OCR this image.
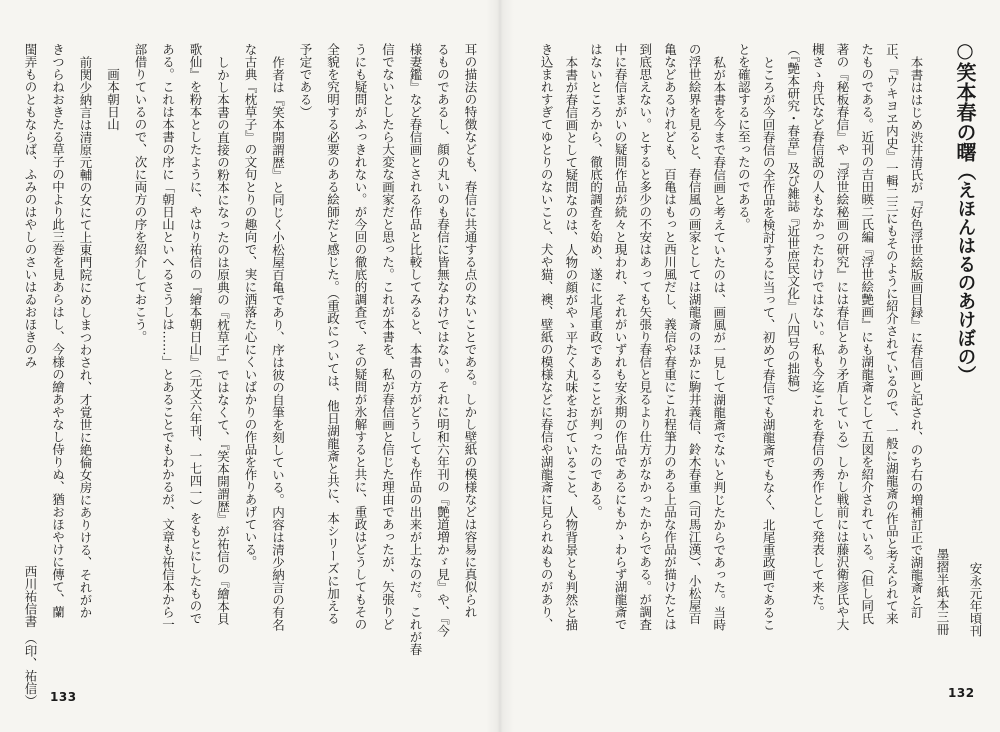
耳の描法の特徴なども、春信に共通する点のないことである。しかし壁紙の模様などは容易に真似られ
るものであるし、顔の丸いのも春信に皆無なわけではない。それに明和六年刊の『艶道増かゞ見』や、『今
様妻鑑』など春信画とされる作品と比較してみると、本書の方がどうしても作品の出来が上なのだ。これが春
信でないとしたら大変な画家だと思った。これが本書を、私が春信画と信じた理由であったが、矢張りど
うにも疑問がふっきれない。が今回の徹底的調査で、その疑問が氷解すると共に、重政はどうしてもその
全貌を究明する必要のある絵師だと感じた。（重政については、他日湖龍斎と共に、本シリーズに加える
予定である）
作者は『笑本開謂歴』と同じく小松屋百亀であり、序は彼の自筆を刻している。内容は清少納言の有名
な古典『枕草子』の文句とりの趣向で、実に洒落た心にくいばかりの作品を作りあげている。
しかし本書の直接の粉本になったのは原典の『枕草子』ではなくて、『笑本開謂歴』が祐信の『繪本貝
歌仙』を粉本としたように、やはり祐信の『繪本朝日山』（元文六年刊、一七四一）をもとにしたもので
ある。これは本書の序に「朝日山といへるさうしは……」とあることでもわかるが、文章も祐信本から一
部借りているので、次に両方の序を紹介しておこう。
画本朝日山
前関少納言は清原元輔の女にて上東門院にめしまつわされ、才覚世に絶倫女房にありける、それがか
きつらねおきたる草子の中より此三巻を見あらはし、今様の繪あやなし侍りぬ、猶おほやけに傳て、蘭
閨弄ものともならば、ふみのはやしのさいはゐおほきのみ
西川祐信書
（印、祐信）	133
○笑本春の曙（えほんはるのあけぼの）
墨摺半紙本三冊 安永元年頃刊
本書ははじめ渋井清氏が『好色浮世絵版画目録』に春信画と記され、のち右の増補訂正で湖龍斎と訂
正、『ウキヨヱ内史』一輯二三にもそのように紹介されているので、一般に湖龍斎の作品と考えられて来
たものである。近刊の吉田暎二氏編『浮世絵艶画』にも湖龍斎として五図を紹介されている。（但し同氏
著の『秘板春信』や『浮世絵秘画の研究』には春信とあり矛盾している）しかし戦前には藤沢衛彦氏や大
槻さゝ舟氏など春信説の人もなかったわけではない。私も今迄これを春信の秀作として発表して来た。
（『艶本研究・春章』及び雑誌『近世庶民文化』八四号の拙稿）
ところが今回春信の全作品を検討するに当って、初めて春信でも湖龍斎でもなく、北尾重政画であるこ
とを確認するに至ったのである。
私が本書を今まで春信画と考えていたのは、画風が一見して湖龍斎でないと判じたからであった。当時
の浮世絵界を見ると、春信風の画家としては湖龍斎のほかに駒井義信、鈴木春重（司馬江漢）、小松屋百
亀などあるけれども、百亀はもっと西川風だし、義信や春重にこれ程筆力のある上品な作品が描けたとは
到底思えない。とすると多少の不安はあっても矢張り春信と見るより仕方がなかったからである。が調査
中に春信まがいの疑問作品が続々と現われ、それがいずれも安永期の作品であるにもかゝわらず湖龍斎で
はないところから、徹底的調査を始め、遂に北尾重政であることが判ったのである。
本書が春信画として疑問なのは、人物の顔がやゝ平たく丸味をおびていること、人物背景とも判然と描
き込まれすぎてゆとりのないこと、犬や猫、襖、壁紙の模様などに春信や湖龍斎に見られぬものがあり、
132
